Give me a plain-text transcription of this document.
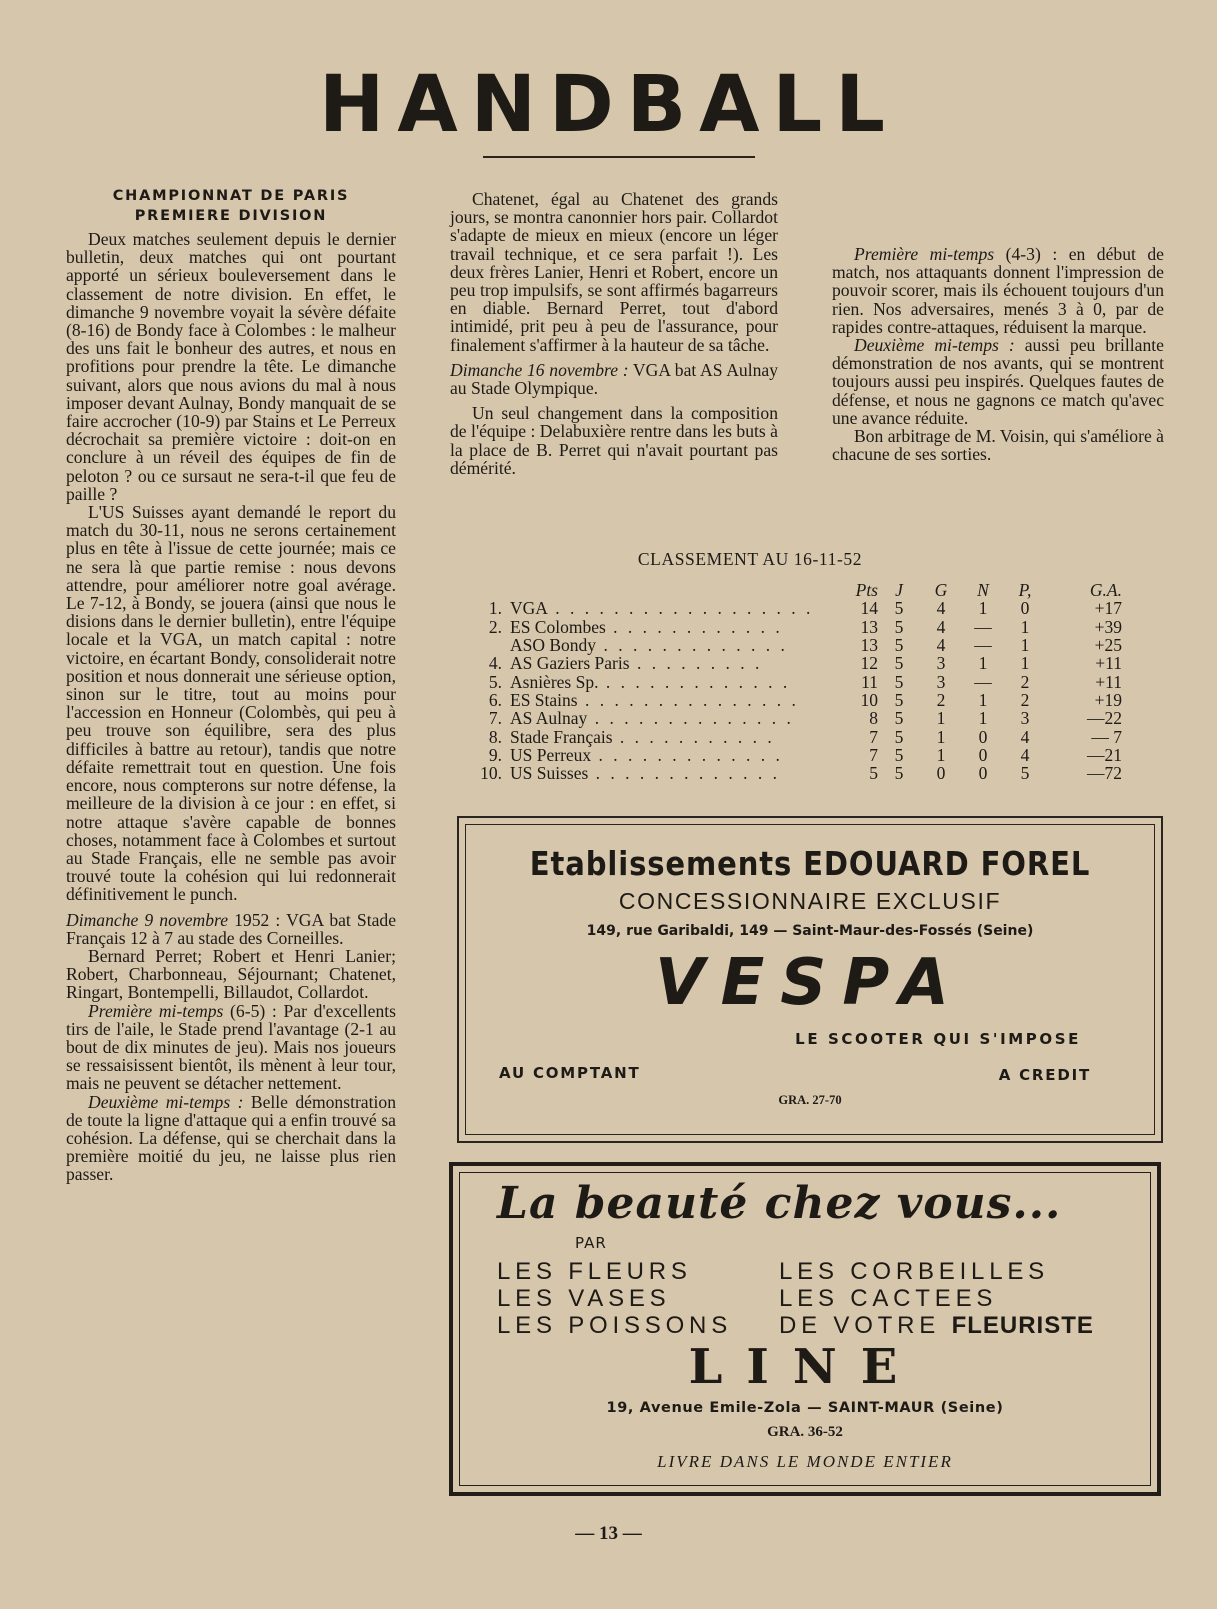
HANDBALL
CHAMPIONNAT DE PARIS
PREMIERE DIVISION

Deux matches seulement depuis le dernier bulletin, deux matches qui ont pourtant apporté un sérieux bouleversement dans le classement de notre division. En effet, le dimanche 9 novembre voyait la sévère défaite (8-16) de Bondy face à Colombes : le malheur des uns fait le bonheur des autres, et nous en profitions pour prendre la tête. Le dimanche suivant, alors que nous avions du mal à nous imposer devant Aulnay, Bondy manquait de se faire accrocher (10-9) par Stains et Le Perreux décrochait sa première victoire : doit-on en conclure à un réveil des équipes de fin de peloton ? ou ce sursaut ne sera-t-il que feu de paille ?

L'US Suisses ayant demandé le report du match du 30-11, nous ne serons certainement plus en tête à l'issue de cette journée; mais ce ne sera là que partie remise : nous devons attendre, pour améliorer notre goal avérage. Le 7-12, à Bondy, se jouera (ainsi que nous le disions dans le dernier bulletin), entre l'équipe locale et la VGA, un match capital : notre victoire, en écartant Bondy, consoliderait notre position et nous donnerait une sérieuse option, sinon sur le titre, tout au moins pour l'accession en Honneur (Colombès, qui peu à peu trouve son équilibre, sera des plus difficiles à battre au retour), tandis que notre défaite remettrait tout en question. Une fois encore, nous compterons sur notre défense, la meilleure de la division à ce jour : en effet, si notre attaque s'avère capable de bonnes choses, notamment face à Colombes et surtout au Stade Français, elle ne semble pas avoir trouvé toute la cohésion qui lui redonnerait définitivement le punch.

Dimanche 9 novembre 1952 : VGA bat Stade Français 12 à 7 au stade des Corneilles.

Bernard Perret; Robert et Henri Lanier; Robert, Charbonneau, Séjournant; Chatenet, Ringart, Bontempelli, Billaudot, Collardot.

Première mi-temps (6-5) : Par d'excellents tirs de l'aile, le Stade prend l'avantage (2-1 au bout de dix minutes de jeu). Mais nos joueurs se ressaisissent bientôt, ils mènent à leur tour, mais ne peuvent se détacher nettement.

Deuxième mi-temps : Belle démonstration de toute la ligne d'attaque qui a enfin trouvé sa cohésion. La défense, qui se cherchait dans la première moitié du jeu, ne laisse plus rien passer.

Chatenet, égal au Chatenet des grands jours, se montra canonnier hors pair. Collardot s'adapte de mieux en mieux (encore un léger travail technique, et ce sera parfait !). Les deux frères Lanier, Henri et Robert, encore un peu trop impulsifs, se sont affirmés bagarreurs en diable. Bernard Perret, tout d'abord intimidé, prit peu à peu de l'assurance, pour finalement s'affirmer à la hauteur de sa tâche.

Dimanche 16 novembre : VGA bat AS Aulnay au Stade Olympique.

Un seul changement dans la composition de l'équipe : Delabuxière rentre dans les buts à la place de B. Perret qui n'avait pourtant pas démérité.

Première mi-temps (4-3) : en début de match, nos attaquants donnent l'impression de pouvoir scorer, mais ils échouent toujours d'un rien. Nos adversaires, menés 3 à 0, par de rapides contre-attaques, réduisent la marque.

Deuxième mi-temps : aussi peu brillante démonstration de nos avants, qui se montrent toujours aussi peu inspirés. Quelques fautes de défense, et nous ne gagnons ce match qu'avec une avance réduite.

Bon arbitrage de M. Voisin, qui s'améliore à chacune de ses sorties.

CLASSEMENT AU 16-11-52
		Pts	J	G	N	P,	G.A.
1.	VGA . . . . . . . . . . . . . . . . . .	14	5	4	1	0	+17
2.	ES Colombes . . . . . . . . . . . .	13	5	4	—	1	+39
	ASO Bondy . . . . . . . . . . . . .	13	5	4	—	1	+25
4.	AS Gaziers Paris . . . . . . . . .	12	5	3	1	1	+11
5.	Asnières Sp. . . . . . . . . . . . . .	11	5	3	—	2	+11
6.	ES Stains . . . . . . . . . . . . . . .	10	5	2	1	2	+19
7.	AS Aulnay . . . . . . . . . . . . . .	8	5	1	1	3	—22
8.	Stade Français . . . . . . . . . . .	7	5	1	0	4	— 7
9.	US Perreux . . . . . . . . . . . . .	7	5	1	0	4	—21
10.	US Suisses . . . . . . . . . . . . .	5	5	0	0	5	—72
Etablissements EDOUARD FOREL
CONCESSIONNAIRE EXCLUSIF
149, rue Garibaldi, 149 — Saint-Maur-des-Fossés (Seine)
VESPA
LE SCOOTER QUI S'IMPOSE
AU COMPTANT	A CREDIT
GRA. 27-70
La beauté chez vous...
PAR
LES FLEURS	LES CORBEILLES
LES VASES	LES CACTEES
LES POISSONS DE VOTRE FLEURISTE
LINE
19, Avenue Emile-Zola — SAINT-MAUR (Seine)
GRA. 36-52
LIVRE DANS LE MONDE ENTIER
— 13 —
